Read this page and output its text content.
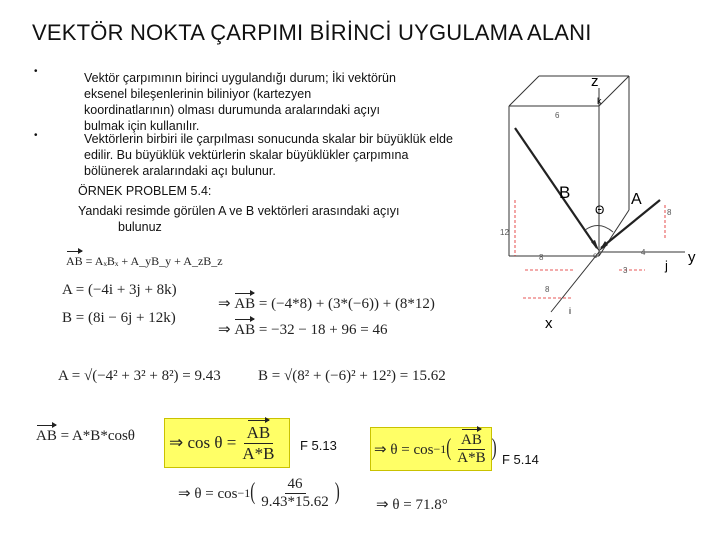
VEKTÖR NOKTA ÇARPIMI BİRİNCİ UYGULAMA ALANI
•	Vektör çarpımının birinci uygulandığı durum; İki vektörün eksenel bileşenlerinin biliniyor (kartezyen koordinatlarının) olması durumunda aralarındaki açıyı bulmak için kullanılır.
•	Vektörlerin birbiri ile çarpılması sonucunda skalar bir büyüklük elde edilir. Bu büyüklük vektürlerin skalar büyüklükler çarpımına bölünerek aralarındaki açı bulunur.
ÖRNEK PROBLEM 5.4:
Yandaki resimde görülen A ve B vektörleri arasındaki açıyı
bulunuz
AB = AₓBₓ + A_yB_y + A_zB_z
A = (−4i + 3j + 8k)
B = (8i − 6j + 12k)
⇒ AB = (−4*8) + (3*(−6)) + (8*12)
⇒ AB = −32 − 18 + 96 = 46
A = √(−4² + 3² + 8²) = 9.43 B = √(8² + (−6)² + 12²) = 15.62
AB = A*B*cosθ ⇒ $\cos \theta = \frac{AB}{A*B}$ F 5.13 ⇒ θ = cos −1 ( $\frac{AB}{A*B}$ ) F 5.14
⇒ θ = cos −1 ( $\frac{46}{9.43*15.62}$ ) ⇒ θ = 71.8°
z
k
x
i
y
j
B	A
Θ
12
8
8
3
8
4
o
6
